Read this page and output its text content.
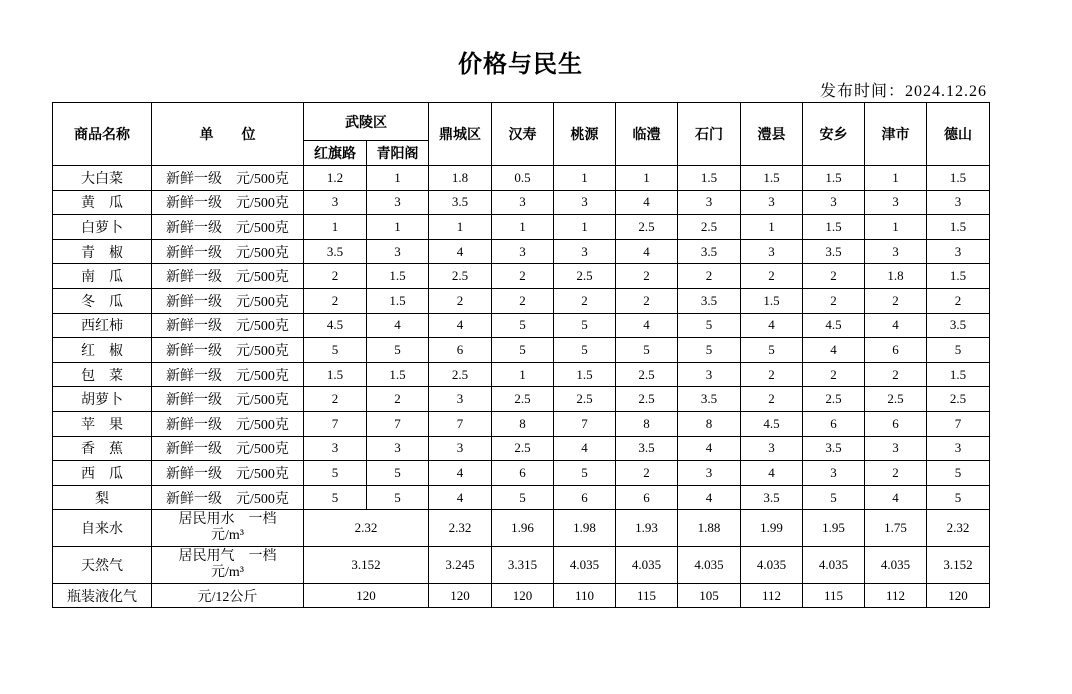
价格与民生
发布时间：2024.12.26
商品名称	单　　位	武陵区		鼎城区	汉寿	桃源	临澧	石门	澧县	安乡	津市	德山
		红旗路	青阳阁									
大白菜	新鲜一级　元/500克	1.2	1	1.8	0.5	1	1	1.5	1.5	1.5	1	1.5
黄　瓜	新鲜一级　元/500克	3	3	3.5	3	3	4	3	3	3	3	3
白萝卜	新鲜一级　元/500克	1	1	1	1	1	2.5	2.5	1	1.5	1	1.5
青　椒	新鲜一级　元/500克	3.5	3	4	3	3	4	3.5	3	3.5	3	3
南　瓜	新鲜一级　元/500克	2	1.5	2.5	2	2.5	2	2	2	2	1.8	1.5
冬　瓜	新鲜一级　元/500克	2	1.5	2	2	2	2	3.5	1.5	2	2	2
西红柿	新鲜一级　元/500克	4.5	4	4	5	5	4	5	4	4.5	4	3.5
红　椒	新鲜一级　元/500克	5	5	6	5	5	5	5	5	4	6	5
包　菜	新鲜一级　元/500克	1.5	1.5	2.5	1	1.5	2.5	3	2	2	2	1.5
胡萝卜	新鲜一级　元/500克	2	2	3	2.5	2.5	2.5	3.5	2	2.5	2.5	2.5
苹　果	新鲜一级　元/500克	7	7	7	8	7	8	8	4.5	6	6	7
香　蕉	新鲜一级　元/500克	3	3	3	2.5	4	3.5	4	3	3.5	3	3
西　瓜	新鲜一级　元/500克	5	5	4	6	5	2	3	4	3	2	5
梨	新鲜一级　元/500克	5	5	4	5	6	6	4	3.5	5	4	5
自来水	居民用水　一档
元/m³	2.32		2.32	1.96	1.98	1.93	1.88	1.99	1.95	1.75	2.32
天然气	居民用气　一档
元/m³	3.152		3.245	3.315	4.035	4.035	4.035	4.035	4.035	4.035	3.152
瓶装液化气	元/12公斤	120		120	120	110	115	105	112	115	112	120
